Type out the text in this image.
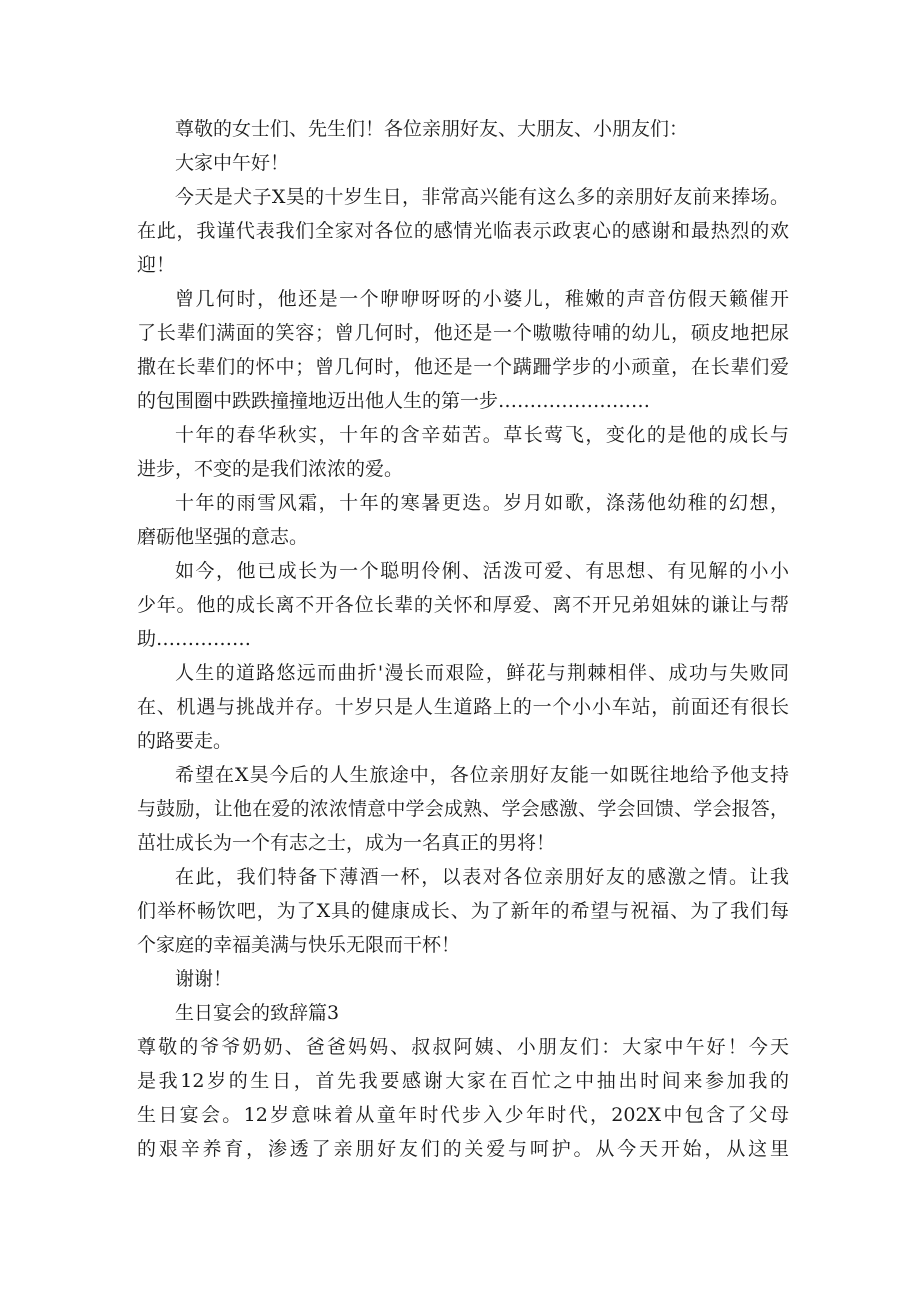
尊敬的女士们、先生们！各位亲朋好友、大朋友、小朋友们：
大家中午好！
今天是犬子X昊的十岁生日，非常高兴能有这么多的亲朋好友前来捧场。
在此，我谨代表我们全家对各位的感情光临表示政衷心的感谢和最热烈的欢
迎！
曾几何时，他还是一个咿咿呀呀的小婆儿，稚嫩的声音仿假天籁催开
了长辈们满面的笑容；曾几何时，他还是一个嗷嗷待哺的幼儿，硕皮地把尿
撒在长辈们的怀中；曾几何时，他还是一个蹒跚学步的小顽童，在长辈们爱
的包围圈中跌跌撞撞地迈出他人生的第一步……………………
十年的春华秋实，十年的含辛茹苦。草长莺飞，变化的是他的成长与
进步，不变的是我们浓浓的爱。
十年的雨雪风霜，十年的寒暑更迭。岁月如歌，涤荡他幼稚的幻想，
磨砺他坚强的意志。
如今，他已成长为一个聪明伶俐、活泼可爱、有思想、有见解的小小
少年。他的成长离不开各位长辈的关怀和厚爱、离不开兄弟姐妹的谦让与帮
助……………
人生的道路悠远而曲折'漫长而艰险，鲜花与荆棘相伴、成功与失败同
在、机遇与挑战并存。十岁只是人生道路上的一个小小车站，前面还有很长
的路要走。
希望在X昊今后的人生旅途中，各位亲朋好友能一如既往地给予他支持
与鼓励，让他在爱的浓浓情意中学会成熟、学会感激、学会回馈、学会报答，
茁壮成长为一个有志之士，成为一名真正的男将！
在此，我们特备下薄酒一杯，以表对各位亲朋好友的感激之情。让我
们举杯畅饮吧，为了X具的健康成长、为了新年的希望与祝福、为了我们每
个家庭的幸福美满与快乐无限而干杯！
谢谢！
生日宴会的致辞篇3
尊敬的爷爷奶奶、爸爸妈妈、叔叔阿姨、小朋友们：大家中午好！今天
是我12岁的生日，首先我要感谢大家在百忙之中抽出时间来参加我的
生日宴会。12岁意味着从童年时代步入少年时代，202X中包含了父母
的艰辛养育，渗透了亲朋好友们的关爱与呵护。从今天开始，从这里
